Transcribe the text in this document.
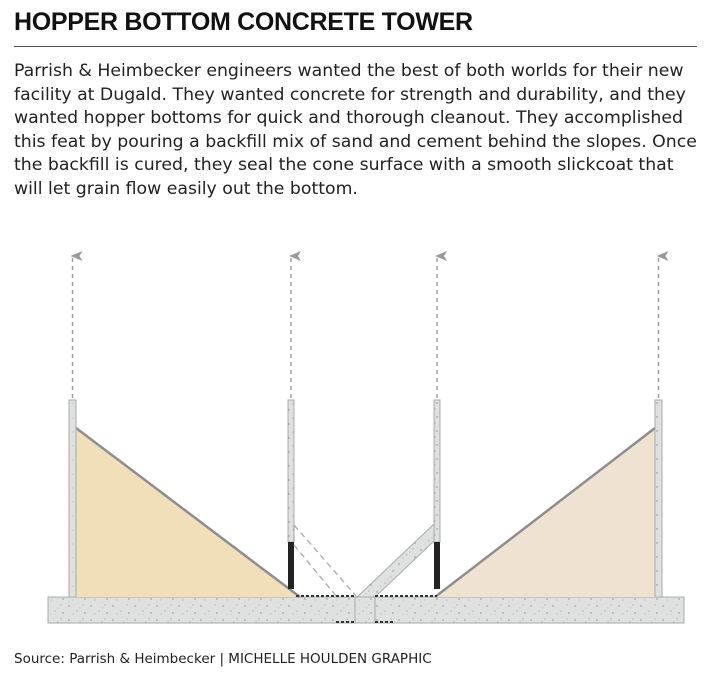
HOPPER BOTTOM CONCRETE TOWER

Parrish & Heimbecker engineers wanted the best of both worlds for their new facility at Dugald. They wanted concrete for strength and durability, and they wanted hopper bottoms for quick and thorough cleanout. They accomplished this feat by pouring a backfill mix of sand and cement behind the slopes. Once the backfill is cured, they seal the cone surface with a smooth slickcoat that will let grain flow easily out the bottom.

Source: Parrish & Heimbecker | MICHELLE HOULDEN GRAPHIC
